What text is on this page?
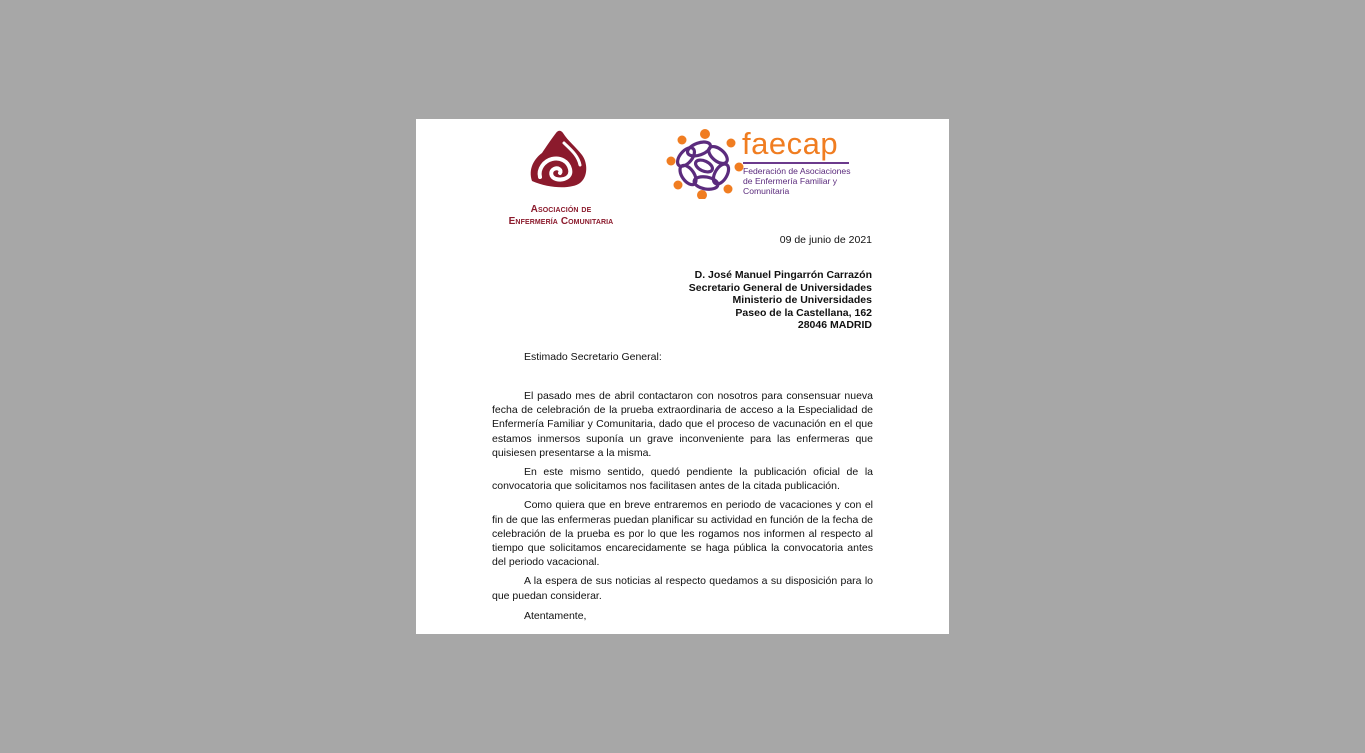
Asociación de
Enfermería Comunitaria
faecap
Federación de Asociaciones
de Enfermería Familiar y
Comunitaria
09 de junio de 2021
D. José Manuel Pingarrón Carrazón
Secretario General de Universidades
Ministerio de Universidades
Paseo de la Castellana, 162
28046 MADRID
Estimado Secretario General:

El pasado mes de abril contactaron con nosotros para consensuar nueva fecha de celebración de la prueba extraordinaria de acceso a la Especialidad de Enfermería Familiar y Comunitaria, dado que el proceso de vacunación en el que estamos inmersos suponía un grave inconveniente para las enfermeras que quisiesen presentarse a la misma.

En este mismo sentido, quedó pendiente la publicación oficial de la convocatoria que solicitamos nos facilitasen antes de la citada publicación.

Como quiera que en breve entraremos en periodo de vacaciones y con el fin de que las enfermeras puedan planificar su actividad en función de la fecha de celebración de la prueba es por lo que les rogamos nos informen al respecto al tiempo que solicitamos encarecidamente se haga pública la convocatoria antes del periodo vacacional.

A la espera de sus noticias al respecto quedamos a su disposición para lo que puedan considerar.

Atentamente,
